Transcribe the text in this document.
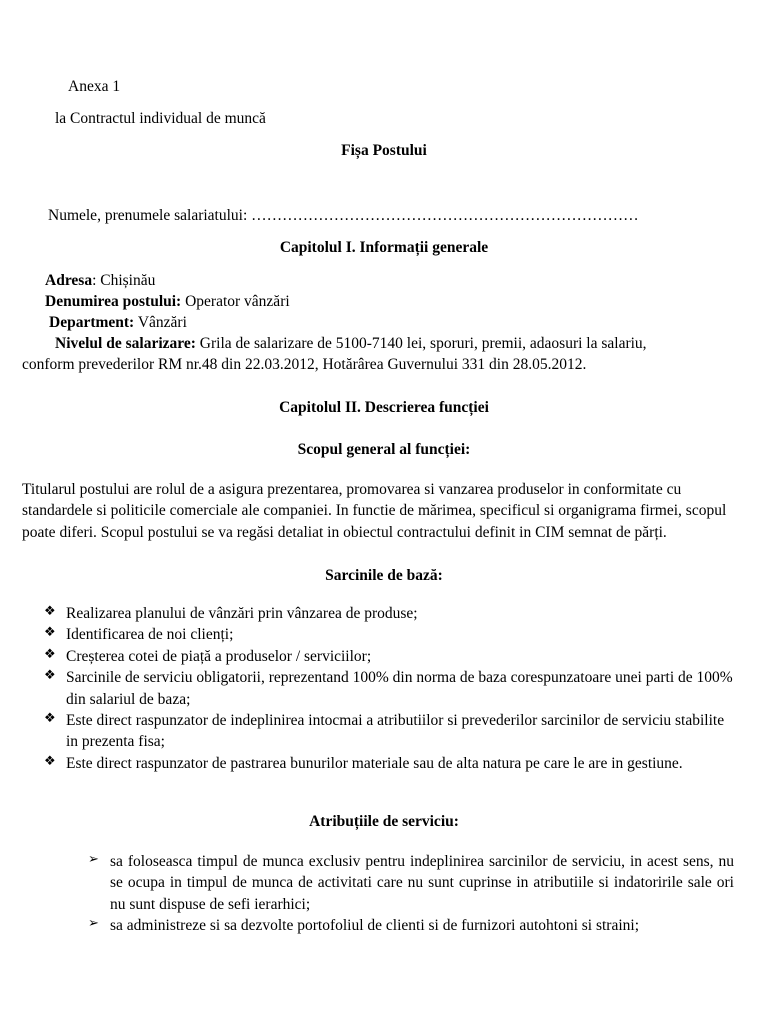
Anexa 1
la Contractul individual de muncă
Fișa Postului
Numele, prenumele salariatului: …………………………………………………………………
Capitolul I. Informații generale
Adresa: Chișinău
Denumirea postului: Operator vânzări
Department: Vânzări
Nivelul de salarizare: Grila de salarizare de 5100-7140 lei, sporuri, premii, adaosuri la salariu,
conform prevederilor RM nr.48 din 22.03.2012, Hotărârea Guvernului 331 din 28.05.2012.
Capitolul II. Descrierea funcției
Scopul general al funcției:
Titularul postului are rolul de a asigura prezentarea, promovarea si vanzarea produselor in conformitate cu standardele si politicile comerciale ale companiei. In functie de mărimea, specificul si organigrama firmei, scopul poate diferi. Scopul postului se va regăsi detaliat in obiectul contractului definit in CIM semnat de părți.
Sarcinile de bază:
❖ Realizarea planului de vânzări prin vânzarea de produse;
❖ Identificarea de noi clienți;
❖ Creșterea cotei de piață a produselor / serviciilor;
❖ Sarcinile de serviciu obligatorii, reprezentand 100% din norma de baza corespunzatoare unei parti de 100% din salariul de baza;
❖ Este direct raspunzator de indeplinirea intocmai a atributiilor si prevederilor sarcinilor de serviciu stabilite in prezenta fisa;
❖ Este direct raspunzator de pastrarea bunurilor materiale sau de alta natura pe care le are in gestiune.
Atribuțiile de serviciu:
➢ sa foloseasca timpul de munca exclusiv pentru indeplinirea sarcinilor de serviciu, in acest sens, nu se ocupa in timpul de munca de activitati care nu sunt cuprinse in atributiile si indatoririle sale ori nu sunt dispuse de sefi ierarhici;
➢ sa administreze si sa dezvolte portofoliul de clienti si de furnizori autohtoni si straini;
